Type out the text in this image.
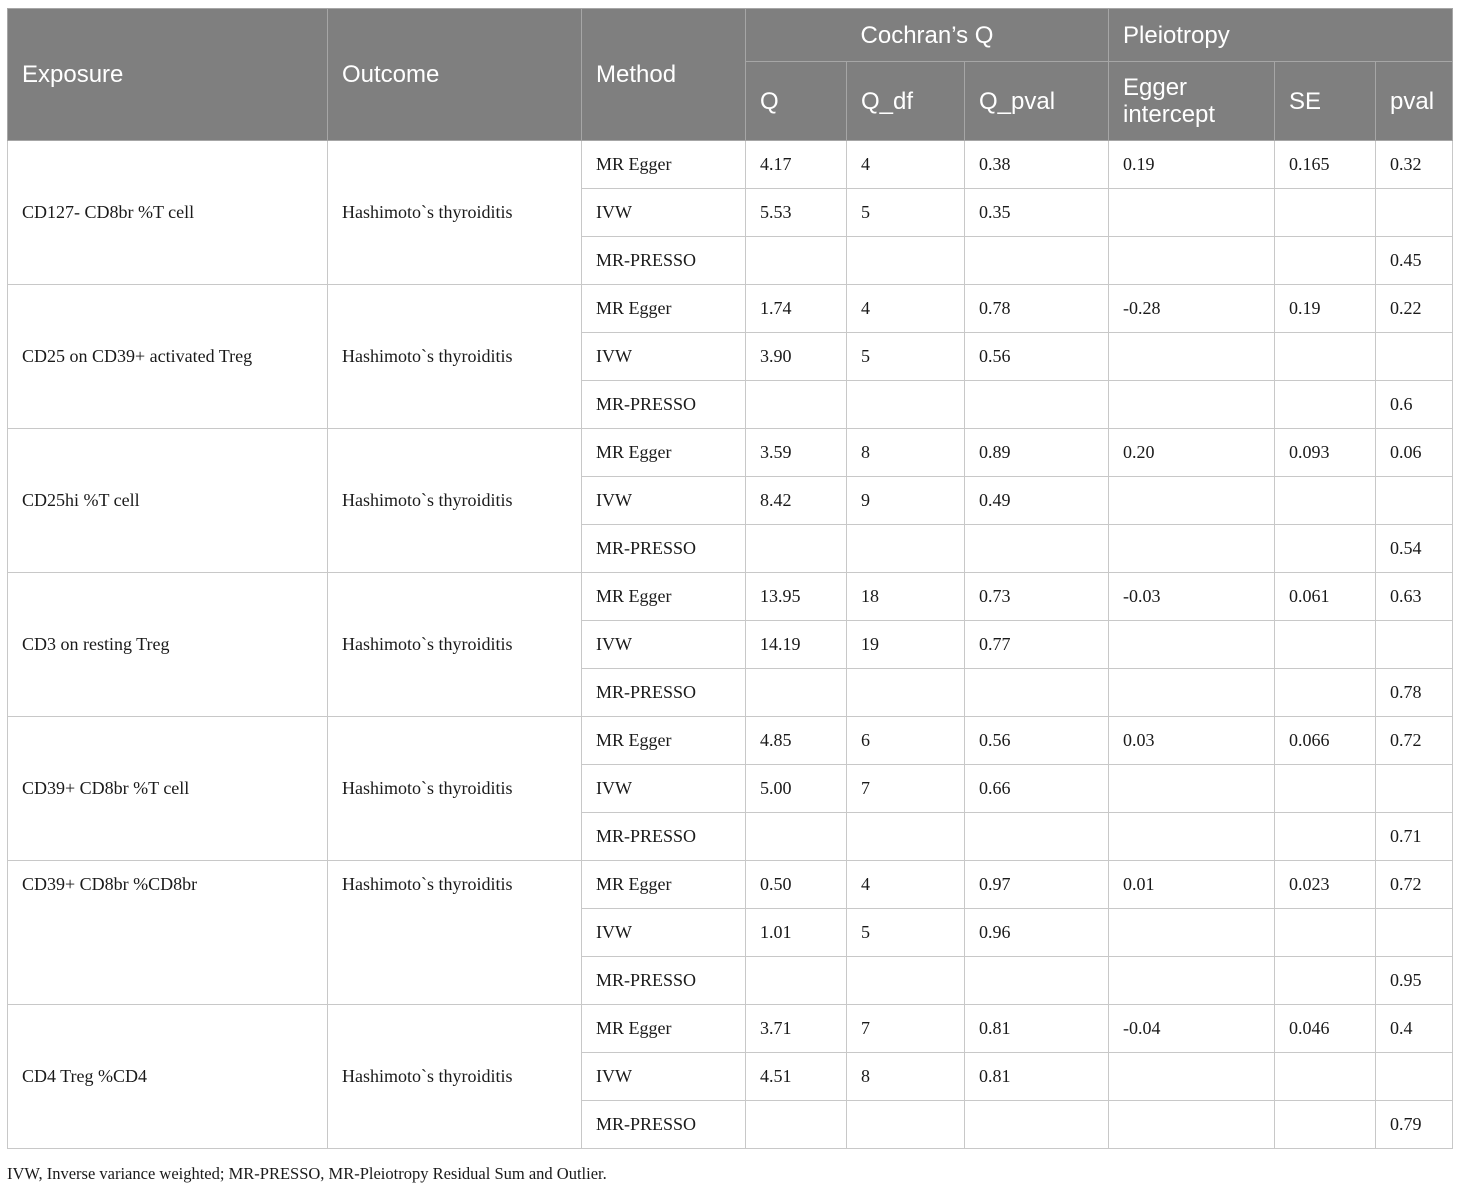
Exposure	Outcome	Method	Cochran’s Q			Pleiotropy		
			Q	Q_df	Q_pval	Egger intercept	SE	pval
CD127- CD8br %T cell	Hashimoto`s thyroiditis	MR Egger	4.17	4	0.38	0.19	0.165	0.32
		IVW	5.53	5	0.35			
		MR-PRESSO						0.45
CD25 on CD39+ activated Treg	Hashimoto`s thyroiditis	MR Egger	1.74	4	0.78	-0.28	0.19	0.22
		IVW	3.90	5	0.56			
		MR-PRESSO						0.6
CD25hi %T cell	Hashimoto`s thyroiditis	MR Egger	3.59	8	0.89	0.20	0.093	0.06
		IVW	8.42	9	0.49			
		MR-PRESSO						0.54
CD3 on resting Treg	Hashimoto`s thyroiditis	MR Egger	13.95	18	0.73	-0.03	0.061	0.63
		IVW	14.19	19	0.77			
		MR-PRESSO						0.78
CD39+ CD8br %T cell	Hashimoto`s thyroiditis	MR Egger	4.85	6	0.56	0.03	0.066	0.72
		IVW	5.00	7	0.66			
		MR-PRESSO						0.71
CD39+ CD8br %CD8br	Hashimoto`s thyroiditis	MR Egger	0.50	4	0.97	0.01	0.023	0.72
		IVW	1.01	5	0.96			
		MR-PRESSO						0.95
CD4 Treg %CD4	Hashimoto`s thyroiditis	MR Egger	3.71	7	0.81	-0.04	0.046	0.4
		IVW	4.51	8	0.81			
		MR-PRESSO						0.79
IVW, Inverse variance weighted; MR-PRESSO, MR-Pleiotropy Residual Sum and Outlier.
